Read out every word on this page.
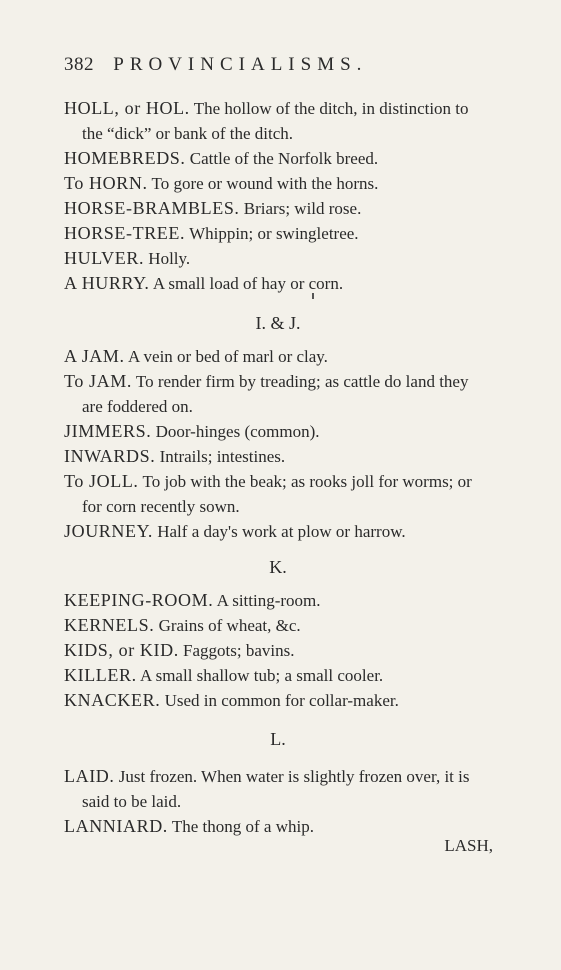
382 PROVINCIALISMS.

HOLL, or HOL. The hollow of the ditch, in distinction to the “dick” or bank of the ditch.

HOMEBREDS. Cattle of the Norfolk breed.

To HORN. To gore or wound with the horns.

HORSE-BRAMBLES. Briars; wild rose.

HORSE-TREE. Whippin; or swingletree.

HULVER. Holly.

A HURRY. A small load of hay or corn.

I. & J.

A JAM. A vein or bed of marl or clay.

To JAM. To render firm by treading; as cattle do land they are foddered on.

JIMMERS. Door-hinges (common).

INWARDS. Intrails; intestines.

To JOLL. To job with the beak; as rooks joll for worms; or for corn recently sown.

JOURNEY. Half a day's work at plow or harrow.

K.

KEEPING-ROOM. A sitting-room.

KERNELS. Grains of wheat, &c.

KIDS, or KID. Faggots; bavins.

KILLER. A small shallow tub; a small cooler.

KNACKER. Used in common for collar-maker.

L.

LAID. Just frozen. When water is slightly frozen over, it is said to be laid.

LANNIARD. The thong of a whip.

LASH,
